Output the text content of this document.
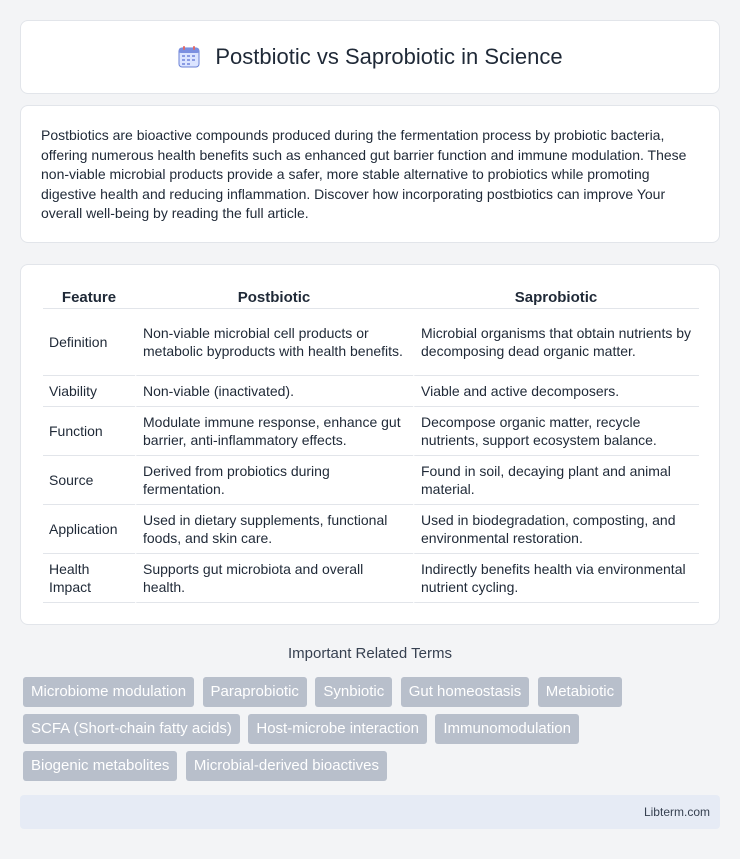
Postbiotic vs Saprobiotic in Science

Postbiotics are bioactive compounds produced during the fermentation process by probiotic bacteria, offering numerous health benefits such as enhanced gut barrier function and immune modulation. These non-viable microbial products provide a safer, more stable alternative to probiotics while promoting digestive health and reducing inflammation. Discover how incorporating postbiotics can improve Your overall well-being by reading the full article.

Feature	Postbiotic	Saprobiotic
Definition	Non-viable microbial cell products or metabolic byproducts with health benefits.	Microbial organisms that obtain nutrients by decomposing dead organic matter.
Viability	Non-viable (inactivated).	Viable and active decomposers.
Function	Modulate immune response, enhance gut barrier, anti-inflammatory effects.	Decompose organic matter, recycle nutrients, support ecosystem balance.
Source	Derived from probiotics during fermentation.	Found in soil, decaying plant and animal material.
Application	Used in dietary supplements, functional foods, and skin care.	Used in biodegradation, composting, and environmental restoration.
Health Impact	Supports gut microbiota and overall health.	Indirectly benefits health via environmental nutrient cycling.
Important Related Terms
Microbiome modulation Paraprobiotic Synbiotic Gut homeostasis Metabiotic SCFA (Short-chain fatty acids) Host-microbe interaction Immunomodulation Biogenic metabolites Microbial-derived bioactives
Libterm.com
